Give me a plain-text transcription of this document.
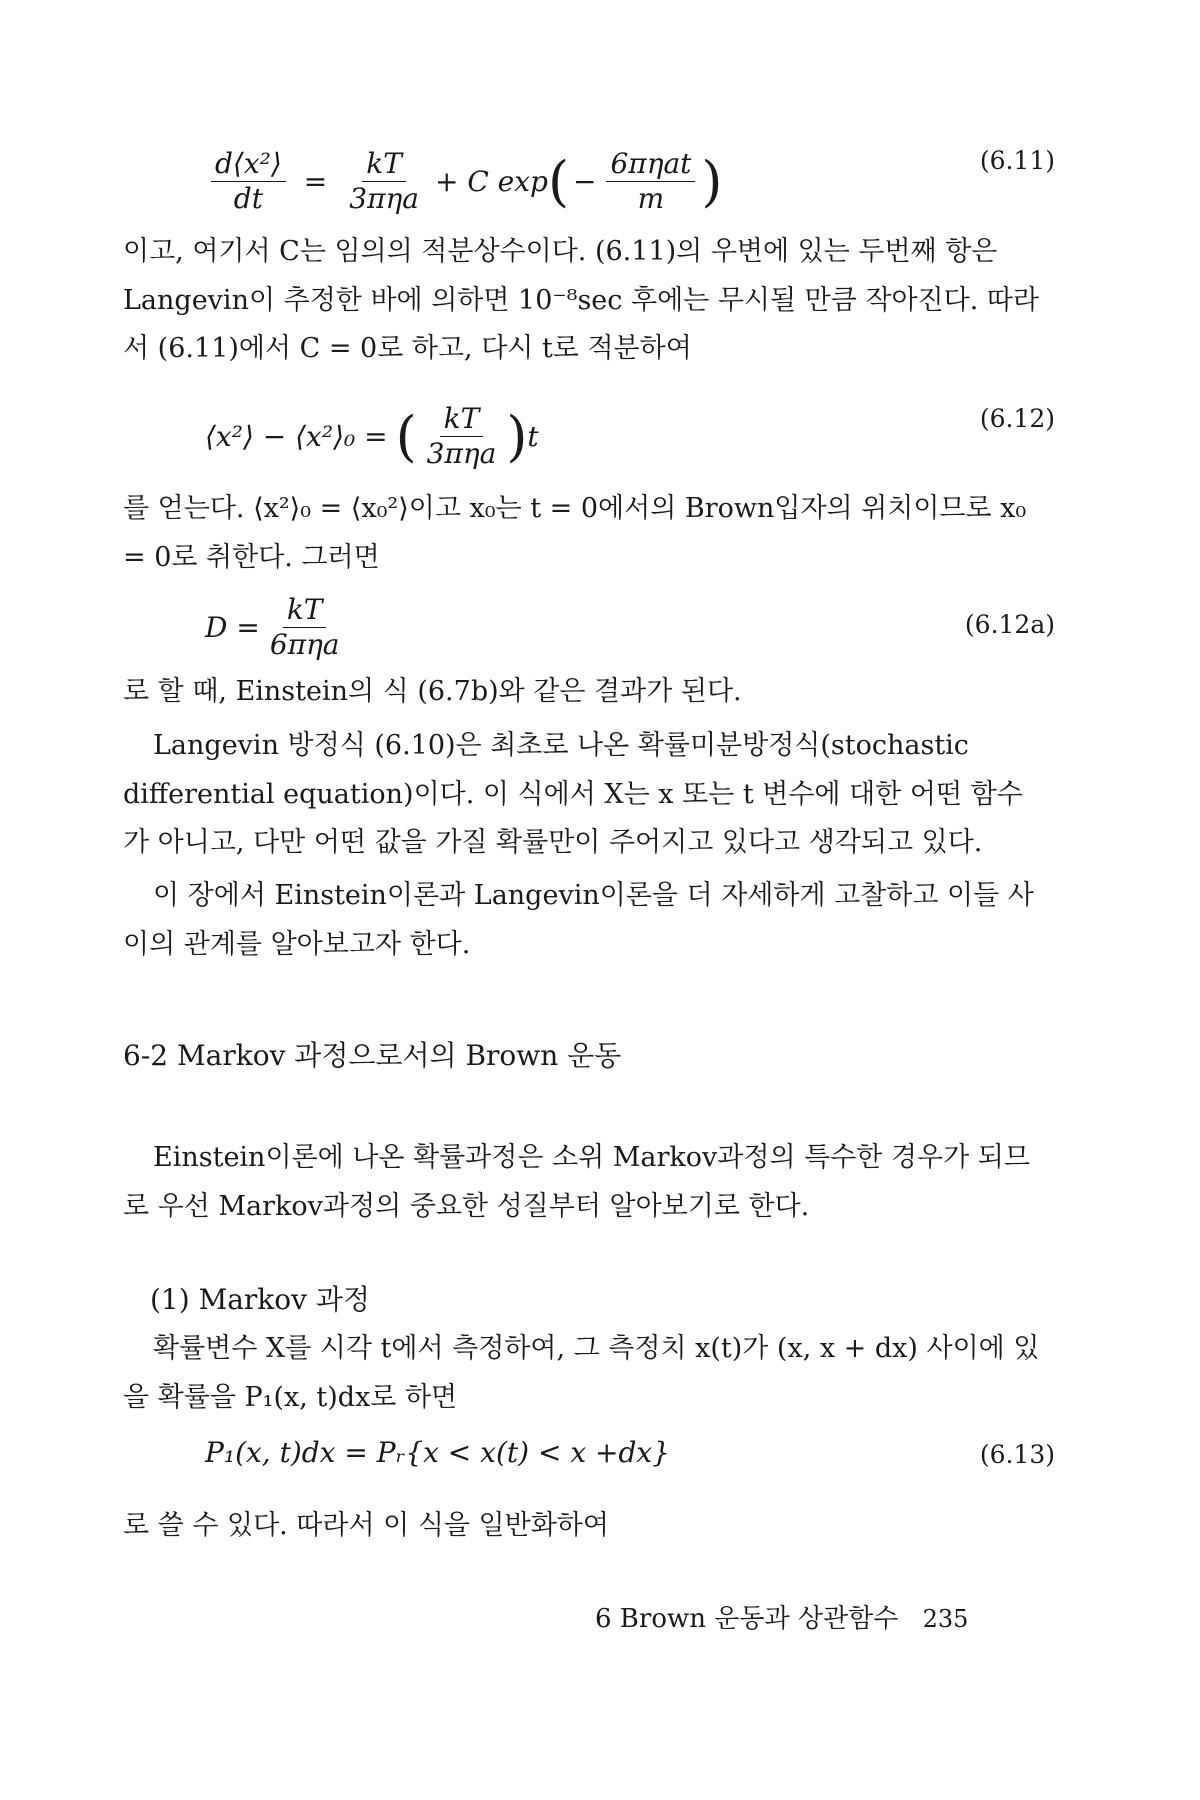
$\frac{\text{d⟨x²⟩}}{dt} = \frac{kT}{\text{3πηa}} + C$ exp ( − $\frac{\text{6πηat}}{m}$ )	(6.11)
이고, 여기서 C는 임의의 적분상수이다. (6.11)의 우변에 있는 두번째 항은 Langevin이 추정한 바에 의하면 10⁻⁸sec 후에는 무시될 만큼 작아진다. 따라서 (6.11)에서 C = 0로 하고, 다시 t로 적분하여
⟨x²⟩ − ⟨x²⟩₀ = ( $\frac{kT}{\text{3πηa}}$ ) t
(6.12)
를 얻는다. ⟨x²⟩₀ = ⟨x₀²⟩이고 x₀는 t = 0에서의 Brown입자의 위치이므로 x₀ = 0로 취한다. 그러면
$D = \frac{kT}{\text{6πηa}}$	(6.12a)
로 할 때, Einstein의 식 (6.7b)와 같은 결과가 된다.
Langevin 방정식 (6.10)은 최초로 나온 확률미분방정식(stochastic differential equation)이다. 이 식에서 X는 x 또는 t 변수에 대한 어떤 함수가 아니고, 다만 어떤 값을 가질 확률만이 주어지고 있다고 생각되고 있다.
이 장에서 Einstein이론과 Langevin이론을 더 자세하게 고찰하고 이들 사이의 관계를 알아보고자 한다.
6-2 Markov 과정으로서의 Brown 운동
Einstein이론에 나온 확률과정은 소위 Markov과정의 특수한 경우가 되므로 우선 Markov과정의 중요한 성질부터 알아보기로 한다.
(1) Markov 과정
확률변수 X를 시각 t에서 측정하여, 그 측정치 x(t)가 (x, x + dx) 사이에 있을 확률을 P₁(x, t)dx로 하면
P₁(x, t)dx = Pᵣ{x < x(t) < x +dx}	(6.13)
로 쓸 수 있다. 따라서 이 식을 일반화하여
6 Brown 운동과 상관함수 235
